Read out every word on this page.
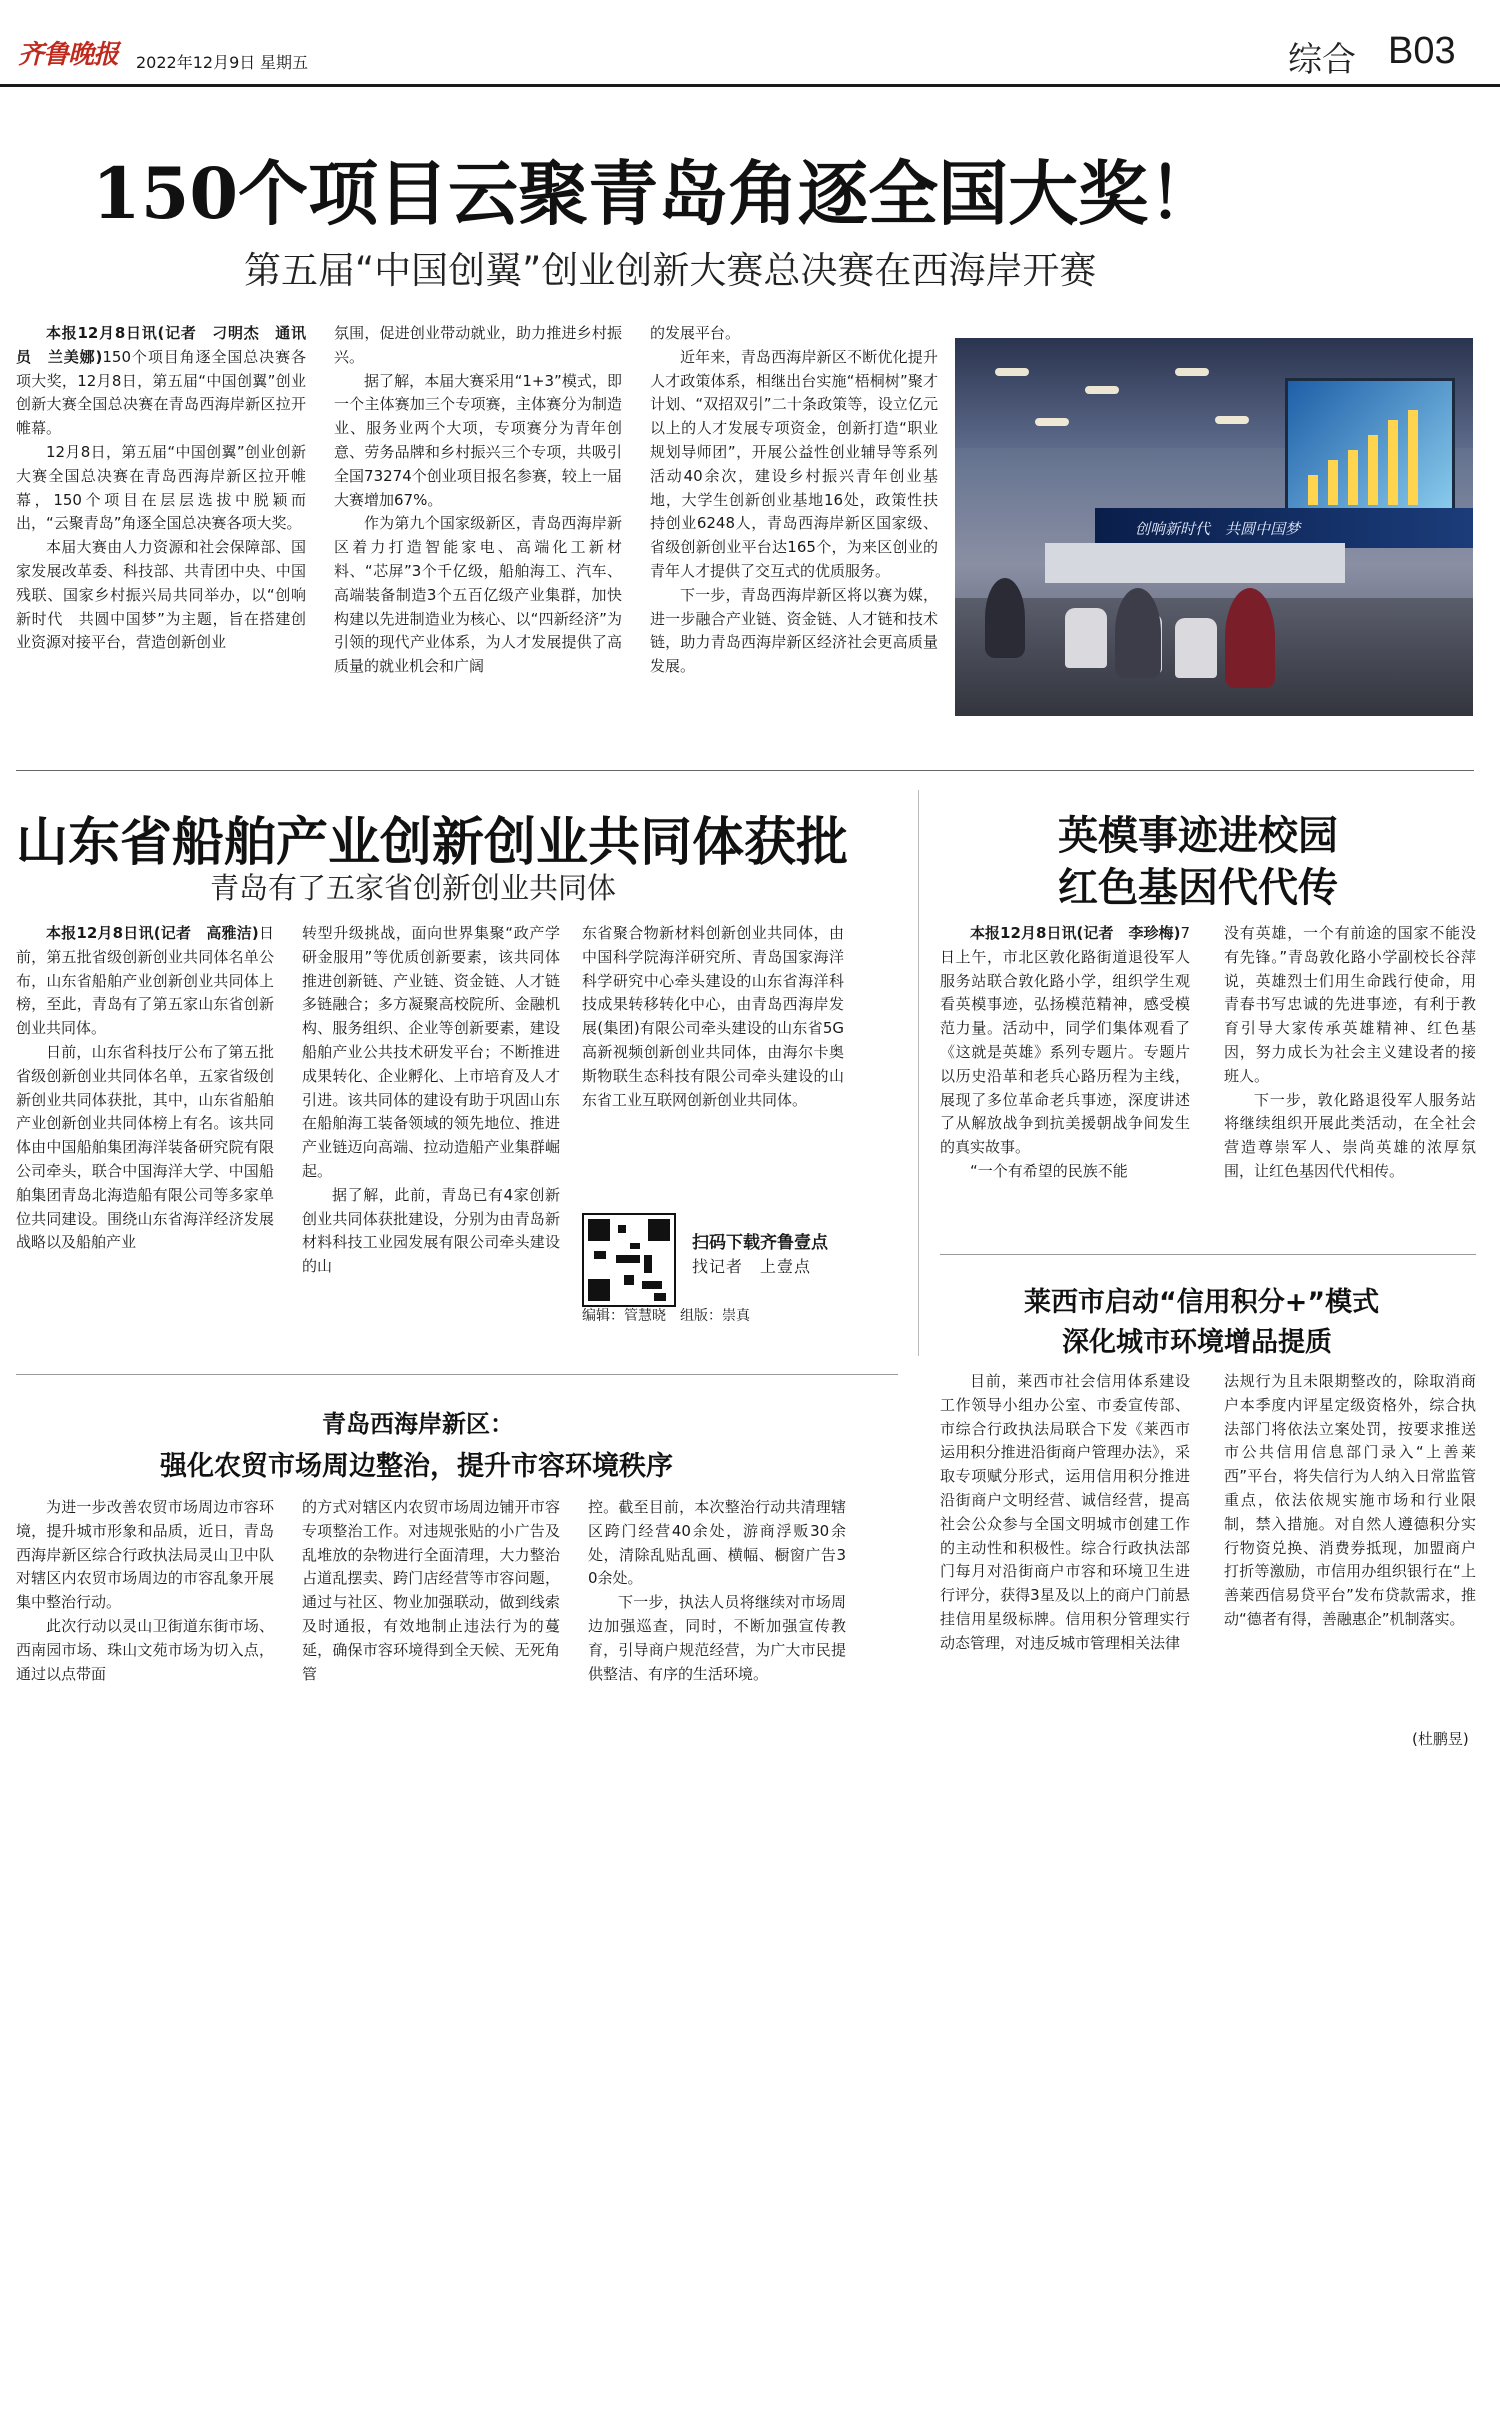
齐鲁晚报 2022年12月9日 星期五	综合 B03
150个项目云聚青岛角逐全国大奖！
第五届“中国创翼”创业创新大赛总决赛在西海岸开赛

本报12月8日讯(记者　刁明杰　通讯员　兰美娜)150个项目角逐全国总决赛各项大奖，12月8日，第五届“中国创翼”创业创新大赛全国总决赛在青岛西海岸新区拉开帷幕。

12月8日，第五届“中国创翼”创业创新大赛全国总决赛在青岛西海岸新区拉开帷幕，150个项目在层层选拔中脱颖而出，“云聚青岛”角逐全国总决赛各项大奖。

本届大赛由人力资源和社会保障部、国家发展改革委、科技部、共青团中央、中国残联、国家乡村振兴局共同举办，以“创响新时代　共圆中国梦”为主题，旨在搭建创业资源对接平台，营造创新创业

氛围，促进创业带动就业，助力推进乡村振兴。

据了解，本届大赛采用“1+3”模式，即一个主体赛加三个专项赛，主体赛分为制造业、服务业两个大项，专项赛分为青年创意、劳务品牌和乡村振兴三个专项，共吸引全国73274个创业项目报名参赛，较上一届大赛增加67%。

作为第九个国家级新区，青岛西海岸新区着力打造智能家电、高端化工新材料、“芯屏”3个千亿级，船舶海工、汽车、高端装备制造3个五百亿级产业集群，加快构建以先进制造业为核心、以“四新经济”为引领的现代产业体系，为人才发展提供了高质量的就业机会和广阔

的发展平台。

近年来，青岛西海岸新区不断优化提升人才政策体系，相继出台实施“梧桐树”聚才计划、“双招双引”二十条政策等，设立亿元以上的人才发展专项资金，创新打造“职业规划导师团”，开展公益性创业辅导等系列活动40余次，建设乡村振兴青年创业基地，大学生创新创业基地16处，政策性扶持创业6248人，青岛西海岸新区国家级、省级创新创业平台达165个，为来区创业的青年人才提供了交互式的优质服务。

下一步，青岛西海岸新区将以赛为媒，进一步融合产业链、资金链、人才链和技术链，助力青岛西海岸新区经济社会更高质量发展。

创响新时代　共圆中国梦
山东省船舶产业创新创业共同体获批
青岛有了五家省创新创业共同体

本报12月8日讯(记者　高雅洁)日前，第五批省级创新创业共同体名单公布，山东省船舶产业创新创业共同体上榜，至此，青岛有了第五家山东省创新创业共同体。

日前，山东省科技厅公布了第五批省级创新创业共同体名单，五家省级创新创业共同体获批，其中，山东省船舶产业创新创业共同体榜上有名。该共同体由中国船舶集团海洋装备研究院有限公司牵头，联合中国海洋大学、中国船舶集团青岛北海造船有限公司等多家单位共同建设。围绕山东省海洋经济发展战略以及船舶产业

转型升级挑战，面向世界集聚“政产学研金服用”等优质创新要素，该共同体推进创新链、产业链、资金链、人才链多链融合；多方凝聚高校院所、金融机构、服务组织、企业等创新要素，建设船舶产业公共技术研发平台；不断推进成果转化、企业孵化、上市培育及人才引进。该共同体的建设有助于巩固山东在船舶海工装备领域的领先地位、推进产业链迈向高端、拉动造船产业集群崛起。

据了解，此前，青岛已有4家创新创业共同体获批建设，分别为由青岛新材料科技工业园发展有限公司牵头建设的山

东省聚合物新材料创新创业共同体，由中国科学院海洋研究所、青岛国家海洋科学研究中心牵头建设的山东省海洋科技成果转移转化中心，由青岛西海岸发展(集团)有限公司牵头建设的山东省5G高新视频创新创业共同体，由海尔卡奥斯物联生态科技有限公司牵头建设的山东省工业互联网创新创业共同体。

扫码下载齐鲁壹点
找记者　上壹点
编辑：管慧晓　组版：崇真
英模事迹进校园
红色基因代代传

本报12月8日讯(记者　李珍梅)7日上午，市北区敦化路街道退役军人服务站联合敦化路小学，组织学生观看英模事迹，弘扬模范精神，感受模范力量。活动中，同学们集体观看了《这就是英雄》系列专题片。专题片以历史沿革和老兵心路历程为主线，展现了多位革命老兵事迹，深度讲述了从解放战争到抗美援朝战争间发生的真实故事。

“一个有希望的民族不能

没有英雄，一个有前途的国家不能没有先锋。”青岛敦化路小学副校长谷萍说，英雄烈士们用生命践行使命，用青春书写忠诚的先进事迹，有利于教育引导大家传承英雄精神、红色基因，努力成长为社会主义建设者的接班人。

下一步，敦化路退役军人服务站将继续组织开展此类活动，在全社会营造尊崇军人、崇尚英雄的浓厚氛围，让红色基因代代相传。

莱西市启动“信用积分+”模式
深化城市环境增品提质

目前，莱西市社会信用体系建设工作领导小组办公室、市委宣传部、市综合行政执法局联合下发《莱西市运用积分推进沿街商户管理办法》，采取专项赋分形式，运用信用积分推进沿街商户文明经营、诚信经营，提高社会公众参与全国文明城市创建工作的主动性和积极性。综合行政执法部门每月对沿街商户市容和环境卫生进行评分，获得3星及以上的商户门前悬挂信用星级标牌。信用积分管理实行动态管理，对违反城市管理相关法律

法规行为且未限期整改的，除取消商户本季度内评星定级资格外，综合执法部门将依法立案处罚，按要求推送市公共信用信息部门录入“上善莱西”平台，将失信行为人纳入日常监管重点，依法依规实施市场和行业限制，禁入措施。对自然人遵德积分实行物资兑换、消费券抵现，加盟商户打折等激励，市信用办组织银行在“上善莱西信易贷平台”发布贷款需求，推动“德者有得，善融惠企”机制落实。

(杜鹏昱)
青岛西海岸新区：
强化农贸市场周边整治，提升市容环境秩序

为进一步改善农贸市场周边市容环境，提升城市形象和品质，近日，青岛西海岸新区综合行政执法局灵山卫中队对辖区内农贸市场周边的市容乱象开展集中整治行动。

此次行动以灵山卫街道东街市场、西南园市场、珠山文苑市场为切入点，通过以点带面

的方式对辖区内农贸市场周边铺开市容专项整治工作。对违规张贴的小广告及乱堆放的杂物进行全面清理，大力整治占道乱摆卖、跨门店经营等市容问题，通过与社区、物业加强联动，做到线索及时通报，有效地制止违法行为的蔓延，确保市容环境得到全天候、无死角管

控。截至目前，本次整治行动共清理辖区跨门经营40余处，游商浮贩30余处，清除乱贴乱画、横幅、橱窗广告30余处。

下一步，执法人员将继续对市场周边加强巡查，同时，不断加强宣传教育，引导商户规范经营，为广大市民提供整洁、有序的生活环境。
